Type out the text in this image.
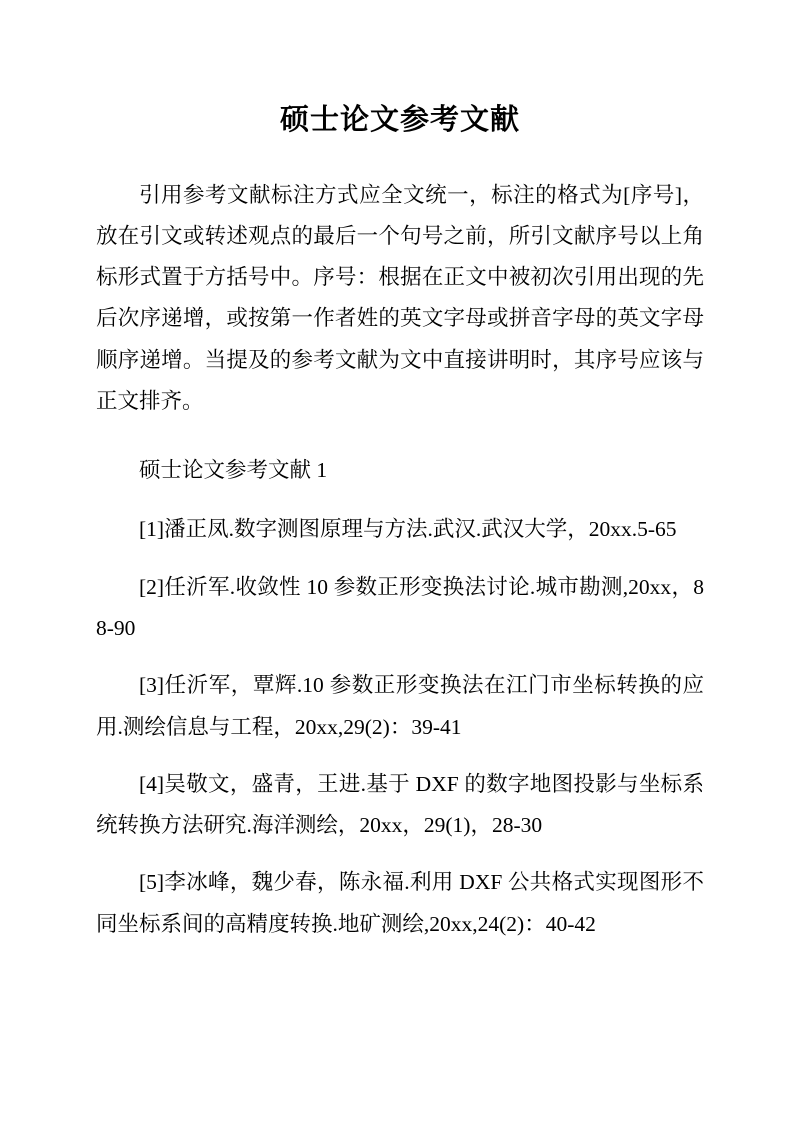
硕士论文参考文献

引用参考文献标注方式应全文统一，标注的格式为[序号]，放在引文或转述观点的最后一个句号之前，所引文献序号以上角标形式置于方括号中。序号：根据在正文中被初次引用出现的先后次序递增，或按第一作者姓的英文字母或拼音字母的英文字母顺序递增。当提及的参考文献为文中直接讲明时，其序号应该与正文排齐。

硕士论文参考文献 1

[1]潘正凤.数字测图原理与方法.武汉.武汉大学，20xx.5-65

[2]任沂军.收敛性 10 参数正形变换法讨论.城市勘测,20xx，88-90

[3]任沂军，覃辉.10 参数正形变换法在江门市坐标转换的应用.测绘信息与工程，20xx,29(2)：39-41

[4]吴敬文，盛青，王进.基于 DXF 的数字地图投影与坐标系统转换方法研究.海洋测绘，20xx，29(1)，28-30

[5]李冰峰，魏少春，陈永福.利用 DXF 公共格式实现图形不同坐标系间的高精度转换.地矿测绘,20xx,24(2)：40-42
